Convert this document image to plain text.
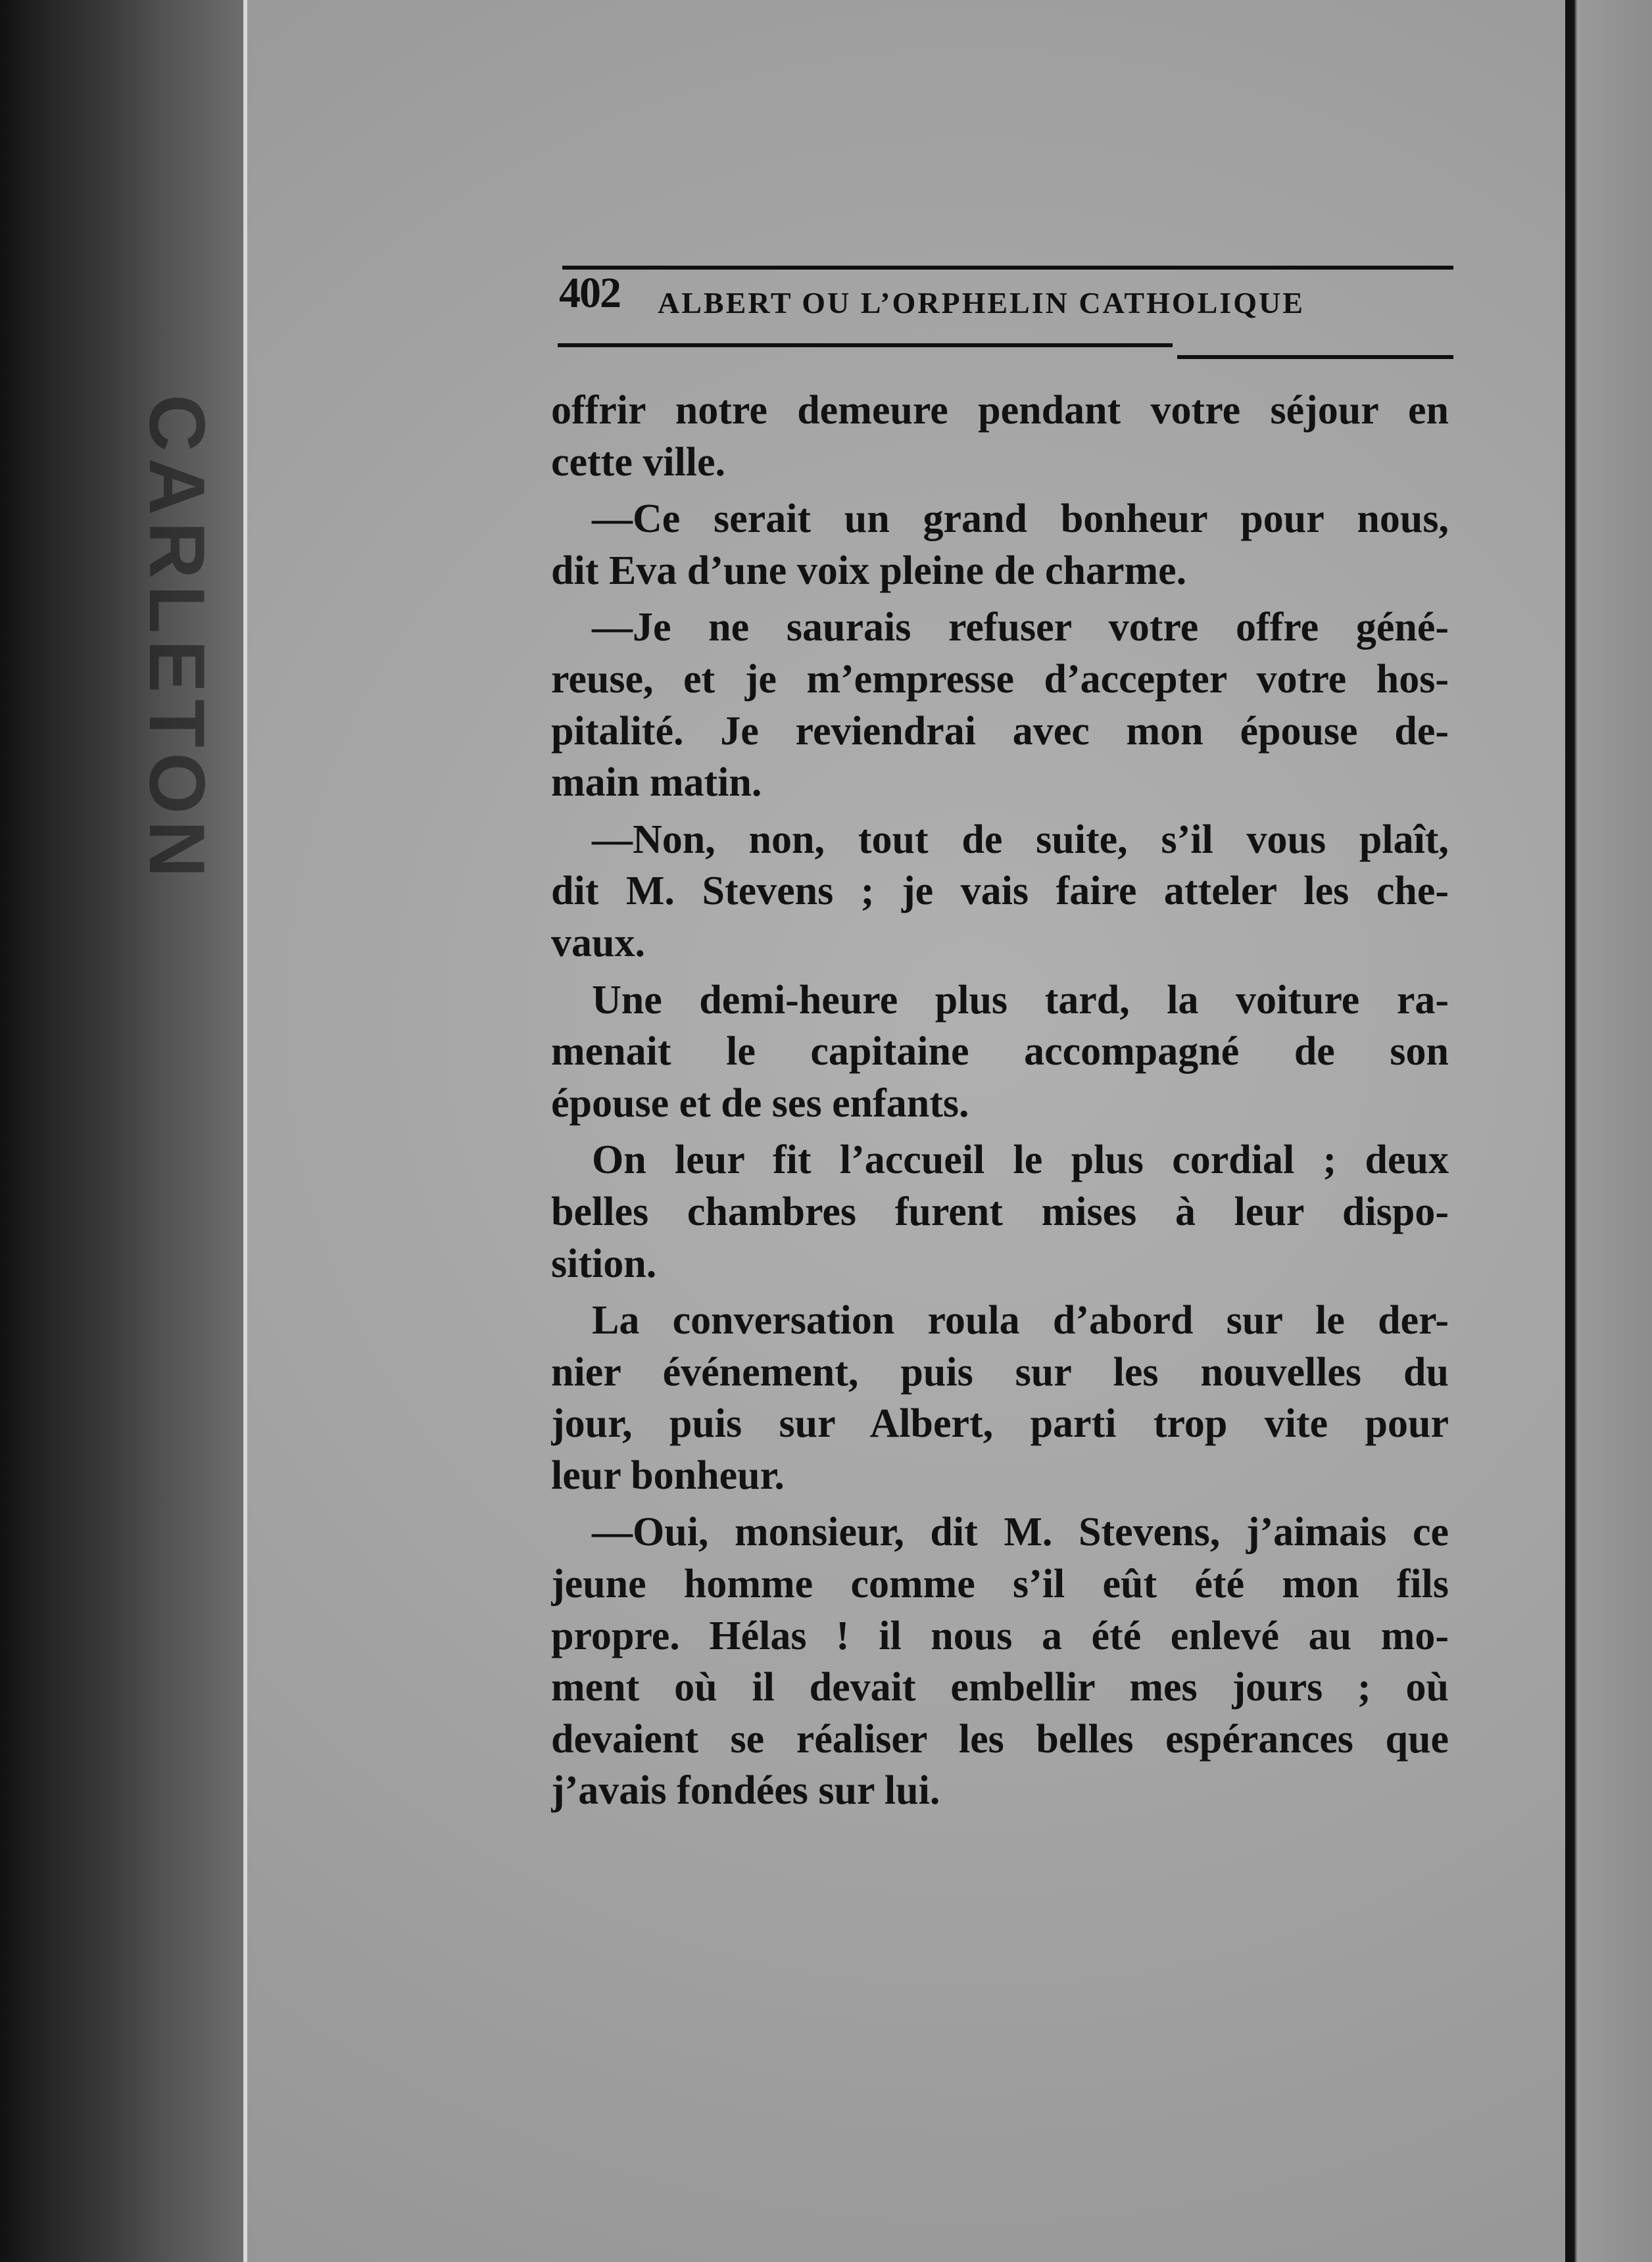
CARLETON
402 ALBERT OU L’ORPHELIN CATHOLIQUE
offrir notre demeure pendant votre séjour en
cette ville.
—Ce serait un grand bonheur pour nous,
dit Eva d’une voix pleine de charme.
—Je ne saurais refuser votre offre géné-
reuse, et je m’empresse d’accepter votre hos-
pitalité. Je reviendrai avec mon épouse de-
main matin.
—Non, non, tout de suite, s’il vous plaît,
dit M. Stevens ; je vais faire atteler les che-
vaux.
Une demi-heure plus tard, la voiture ra-
menait le capitaine accompagné de son
épouse et de ses enfants.
On leur fit l’accueil le plus cordial ; deux
belles chambres furent mises à leur dispo-
sition.
La conversation roula d’abord sur le der-
nier événement, puis sur les nouvelles du
jour, puis sur Albert, parti trop vite pour
leur bonheur.
—Oui, monsieur, dit M. Stevens, j’aimais ce
jeune homme comme s’il eût été mon fils
propre. Hélas ! il nous a été enlevé au mo-
ment où il devait embellir mes jours ; où
devaient se réaliser les belles espérances que
j’avais fondées sur lui.
